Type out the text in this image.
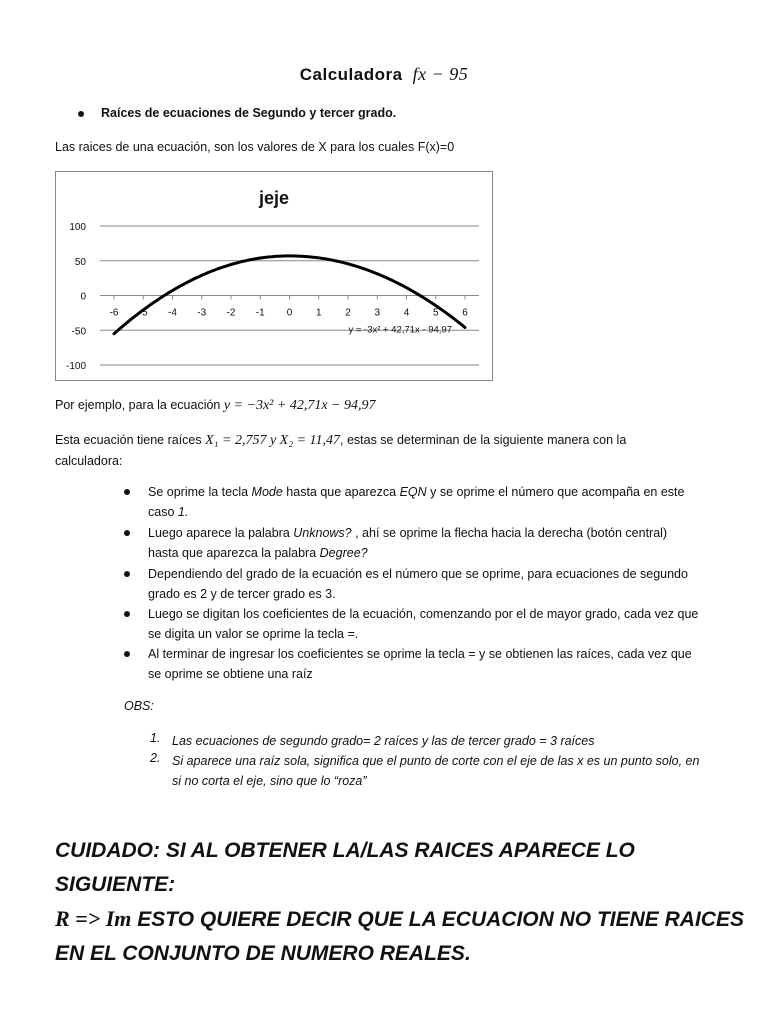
Calculadora fx − 95
Raíces de ecuaciones de Segundo y tercer grado.
Las raices de una ecuación, son los valores de X para los cuales F(x)=0
jeje
100
50
0
-50
-100
-6 -5 -4 -3 -2 -1 0 1 2 3 4 5 6
y = -3x² + 42,71x - 94,97
Por ejemplo, para la ecuación y = −3x² + 42,71x − 94,97
Esta ecuación tiene raíces X₁ = 2,757 y X₂ = 11,47, estas se determinan de la siguiente manera con la
calculadora:
Se oprime la tecla Mode hasta que aparezca EQN y se oprime el número que acompaña en este
caso 1.
Luego aparece la palabra Unknows? , ahí se oprime la flecha hacia la derecha (botón central)
hasta que aparezca la palabra Degree?
Dependiendo del grado de la ecuación es el número que se oprime, para ecuaciones de segundo
grado es 2 y de tercer grado es 3.
Luego se digitan los coeficientes de la ecuación, comenzando por el de mayor grado, cada vez que
se digita un valor se oprime la tecla =.
Al terminar de ingresar los coeficientes se oprime la tecla = y se obtienen las raíces, cada vez que
se oprime se obtiene una raíz
OBS:
1. Las ecuaciones de segundo grado= 2 raíces y las de tercer grado = 3 raíces
2. Si aparece una raíz sola, significa que el punto de corte con el eje de las x es un punto solo, en
si no corta el eje, sino que lo “roza”
CUIDADO: SI AL OBTENER LA/LAS RAICES APARECE LO SIGUIENTE:
R => Im ESTO QUIERE DECIR QUE LA ECUACION NO TIENE RAICES
EN EL CONJUNTO DE NUMERO REALES.
